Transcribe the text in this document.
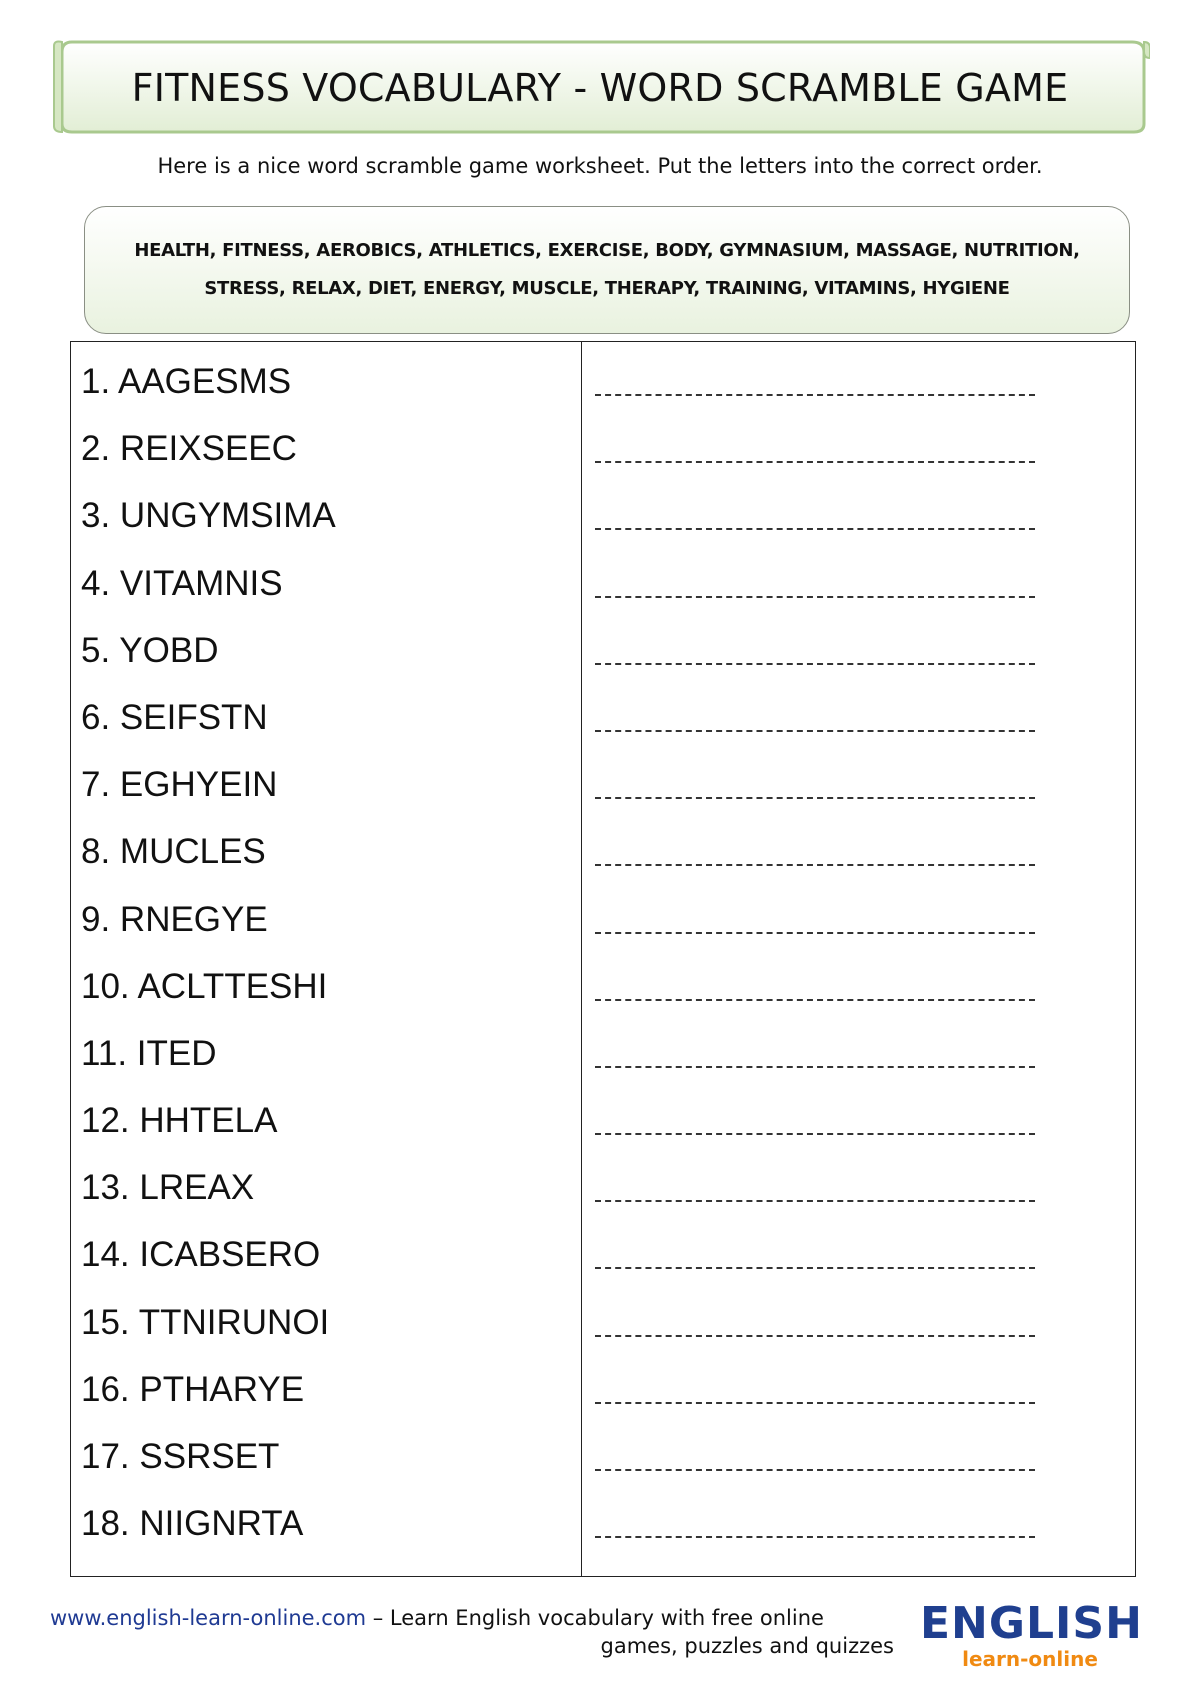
FITNESS VOCABULARY - WORD SCRAMBLE GAME
Here is a nice word scramble game worksheet. Put the letters into the correct order.
HEALTH, FITNESS, AEROBICS, ATHLETICS, EXERCISE, BODY, GYMNASIUM, MASSAGE, NUTRITION, STRESS, RELAX, DIET, ENERGY, MUSCLE, THERAPY, TRAINING, VITAMINS, HYGIENE
1. AAGESMS
2. REIXSEEC
3. UNGYMSIMA
4. VITAMNIS
5. YOBD
6. SEIFSTN
7. EGHYEIN
8. MUCLES
9. RNEGYE
10. ACLTTESHI
11. ITED
12. HHTELA
13. LREAX
14. ICABSERO
15. TTNIRUNOI
16. PTHARYE
17. SSRSET
18. NIIGNRTA
www.english-learn-online.com – Learn English vocabulary with free online
games, puzzles and quizzes ENGLISH
learn-online
